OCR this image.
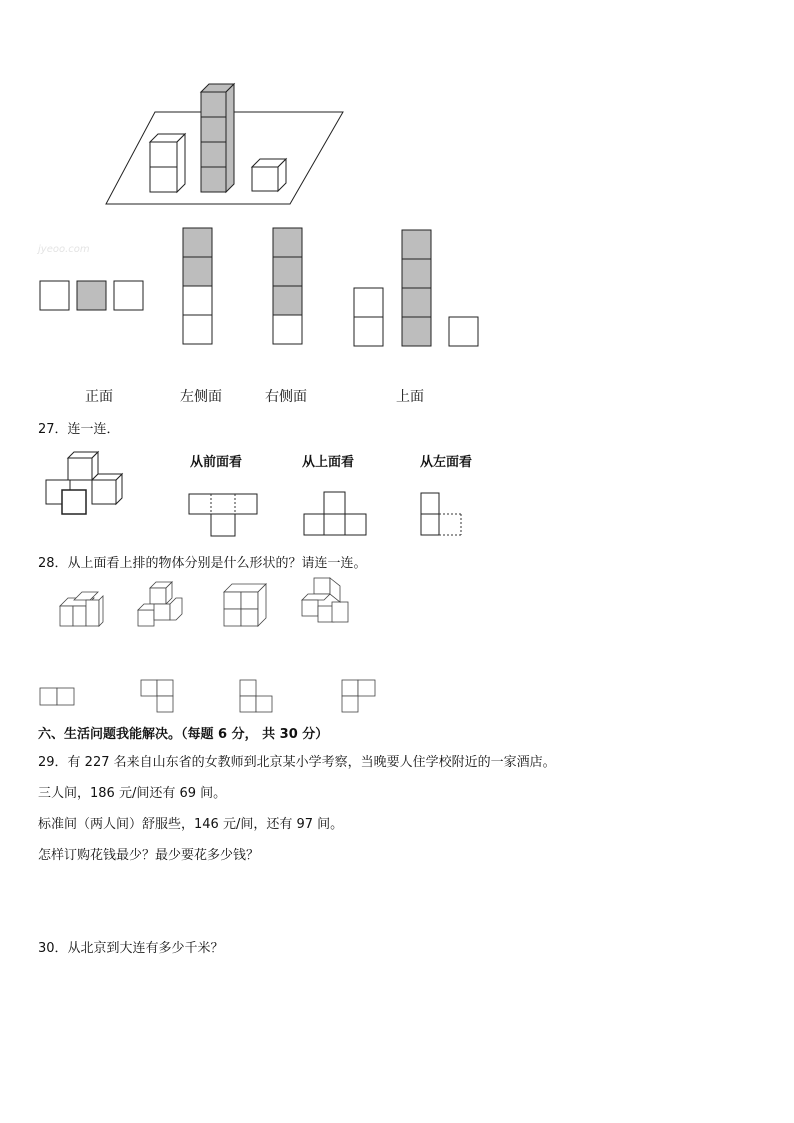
jyeoo.com
正面	左侧面	右侧面	上面
27．连一连．
从前面看	从上面看	从左面看
28．从上面看上排的物体分别是什么形状的？请连一连。
六、生活问题我能解决。（每题 6 分， 共 30 分）
29．有 227 名来自山东省的女教师到北京某小学考察，当晚要人住学校附近的一家酒店。
三人间，186 元/间还有 69 间。
标准间（两人间）舒服些，146 元/间，还有 97 间。
怎样订购花钱最少？最少要花多少钱？
30．从北京到大连有多少千米？
